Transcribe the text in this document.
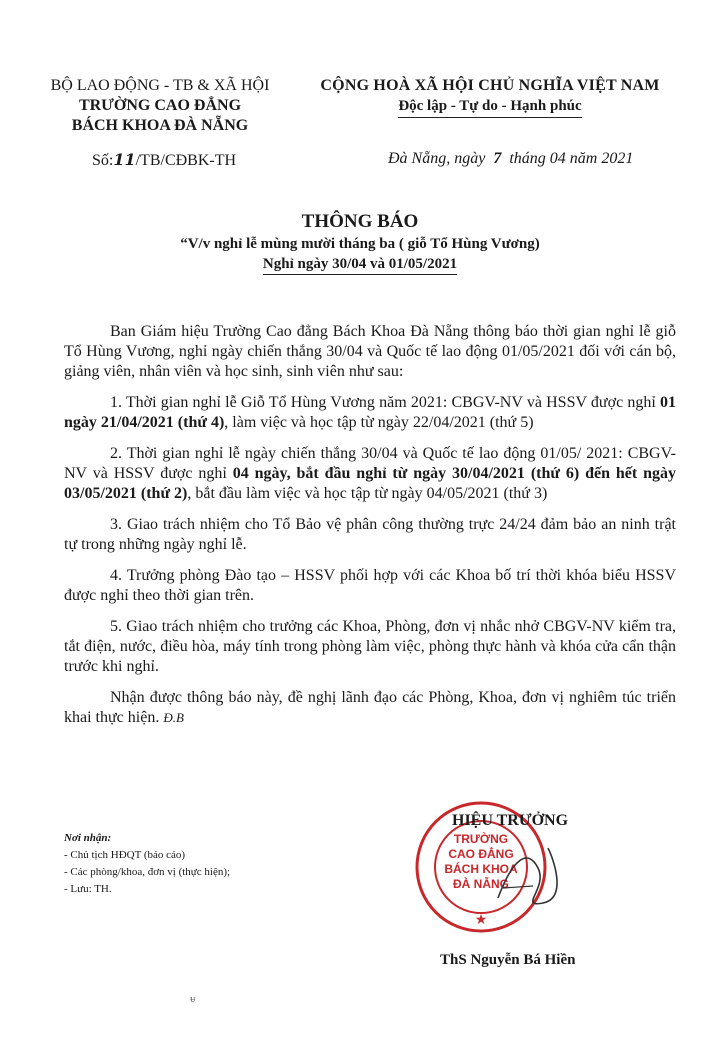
BỘ LAO ĐỘNG - TB & XÃ HỘI
TRƯỜNG CAO ĐẲNG
BÁCH KHOA ĐÀ NẴNG
CỘNG HOÀ XÃ HỘI CHỦ NGHĨA VIỆT NAM
Độc lập - Tự do - Hạnh phúc
Số:11/TB/CĐBK-TH	Đà Nẵng, ngày 7 tháng 04 năm 2021
THÔNG BÁO
“V/v nghỉ lễ mùng mười tháng ba ( giỗ Tổ Hùng Vương)
Nghỉ ngày 30/04 và 01/05/2021

Ban Giám hiệu Trường Cao đẳng Bách Khoa Đà Nẵng thông báo thời gian nghỉ lễ giỗ Tổ Hùng Vương, nghỉ ngày chiến thắng 30/04 và Quốc tế lao động 01/05/2021 đối với cán bộ, giảng viên, nhân viên và học sinh, sinh viên như sau:

1. Thời gian nghỉ lễ Giỗ Tổ Hùng Vương năm 2021: CBGV-NV và HSSV được nghỉ 01 ngày 21/04/2021 (thứ 4), làm việc và học tập từ ngày 22/04/2021 (thứ 5)

2. Thời gian nghỉ lễ ngày chiến thắng 30/04 và Quốc tế lao động 01/05/ 2021: CBGV-NV và HSSV được nghỉ 04 ngày, bắt đầu nghỉ từ ngày 30/04/2021 (thứ 6) đến hết ngày 03/05/2021 (thứ 2), bắt đầu làm việc và học tập từ ngày 04/05/2021 (thứ 3)

3. Giao trách nhiệm cho Tổ Bảo vệ phân công thường trực 24/24 đảm bảo an ninh trật tự trong những ngày nghỉ lễ.

4. Trưởng phòng Đào tạo – HSSV phối hợp với các Khoa bố trí thời khóa biểu HSSV được nghỉ theo thời gian trên.

5. Giao trách nhiệm cho trưởng các Khoa, Phòng, đơn vị nhắc nhở CBGV-NV kiểm tra, tắt điện, nước, điều hòa, máy tính trong phòng làm việc, phòng thực hành và khóa cửa cẩn thận trước khi nghỉ.

Nhận được thông báo này, đề nghị lãnh đạo các Phòng, Khoa, đơn vị nghiêm túc triển khai thực hiện. Đ.B

Nơi nhận:
- Chủ tịch HĐQT (báo cáo)
- Các phòng/khoa, đơn vị (thực hiện);
- Lưu: TH.
★
TRƯỜNG
CAO ĐẲNG
BÁCH KHOA
ĐÀ NẴNG
HIỆU TRƯỞNG
ThS Nguyễn Bá Hiền
ᵾ
